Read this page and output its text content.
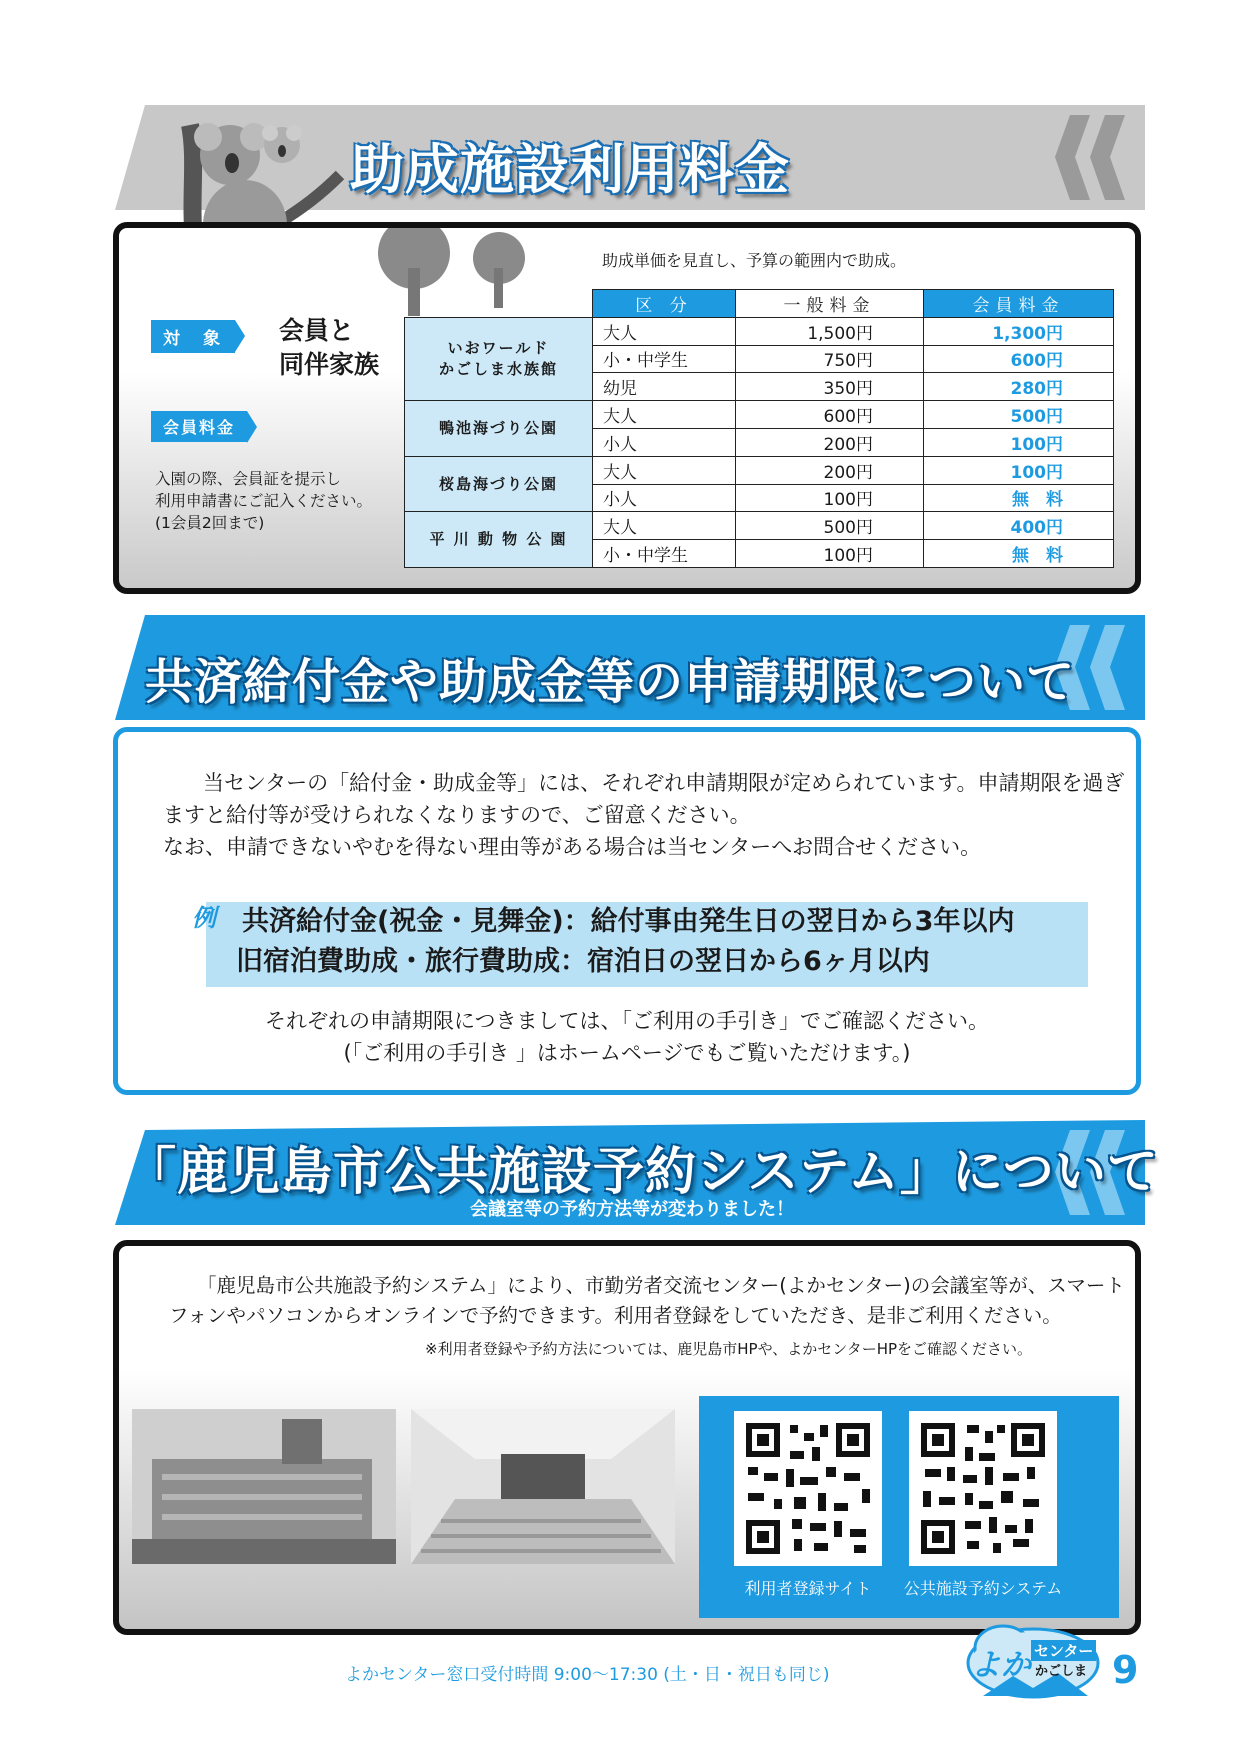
助成施設利用料金
助成単価を見直し、予算の範囲内で助成。
対　象	会員と
同伴家族
会員料金
入園の際、会員証を提示し
利用申請書にご記入ください。
(1会員2回まで)
	区 分	一般料金	会員料金

いおワールド
かごしま水族館	大人	1,500円	1,300円
	小・中学生	750円	600円
	幼児	350円	280円
鴨池海づり公園	大人	600円	500円
	小人	200円	100円
桜島海づり公園	大人	200円	100円
	小人	100円	無　料
平 川 動 物 公 園	大人	500円	400円
	小・中学生	100円	無　料
共済給付金や助成金等の申請期限について
当センターの「給付金・助成金等」には、それぞれ申請期限が定められています。申請期限を過ぎ
ますと給付等が受けられなくなりますので、ご留意ください。
なお、申請できないやむを得ない理由等がある場合は当センターへお問合せください。
例 共済給付金(祝金・見舞金)：給付事由発生日の翌日から3年以内
旧宿泊費助成・旅行費助成：宿泊日の翌日から6ヶ月以内
それぞれの申請期限につきましては、「ご利用の手引き」でご確認ください。
(「ご利用の手引き 」はホームページでもご覧いただけます。)
「鹿児島市公共施設予約システム」について
会議室等の予約方法等が変わりました！
「鹿児島市公共施設予約システム」により、市勤労者交流センター(よかセンター)の会議室等が、スマート
フォンやパソコンからオンラインで予約できます。利用者登録をしていただき、是非ご利用ください。
※利用者登録や予約方法については、鹿児島市HPや、よかセンターHPをご確認ください。
利用者登録サイト	公共施設予約システム
よかセンター窓口受付時間 9:00～17:30 (土・日・祝日も同じ)	よか センター
かごしま 9
